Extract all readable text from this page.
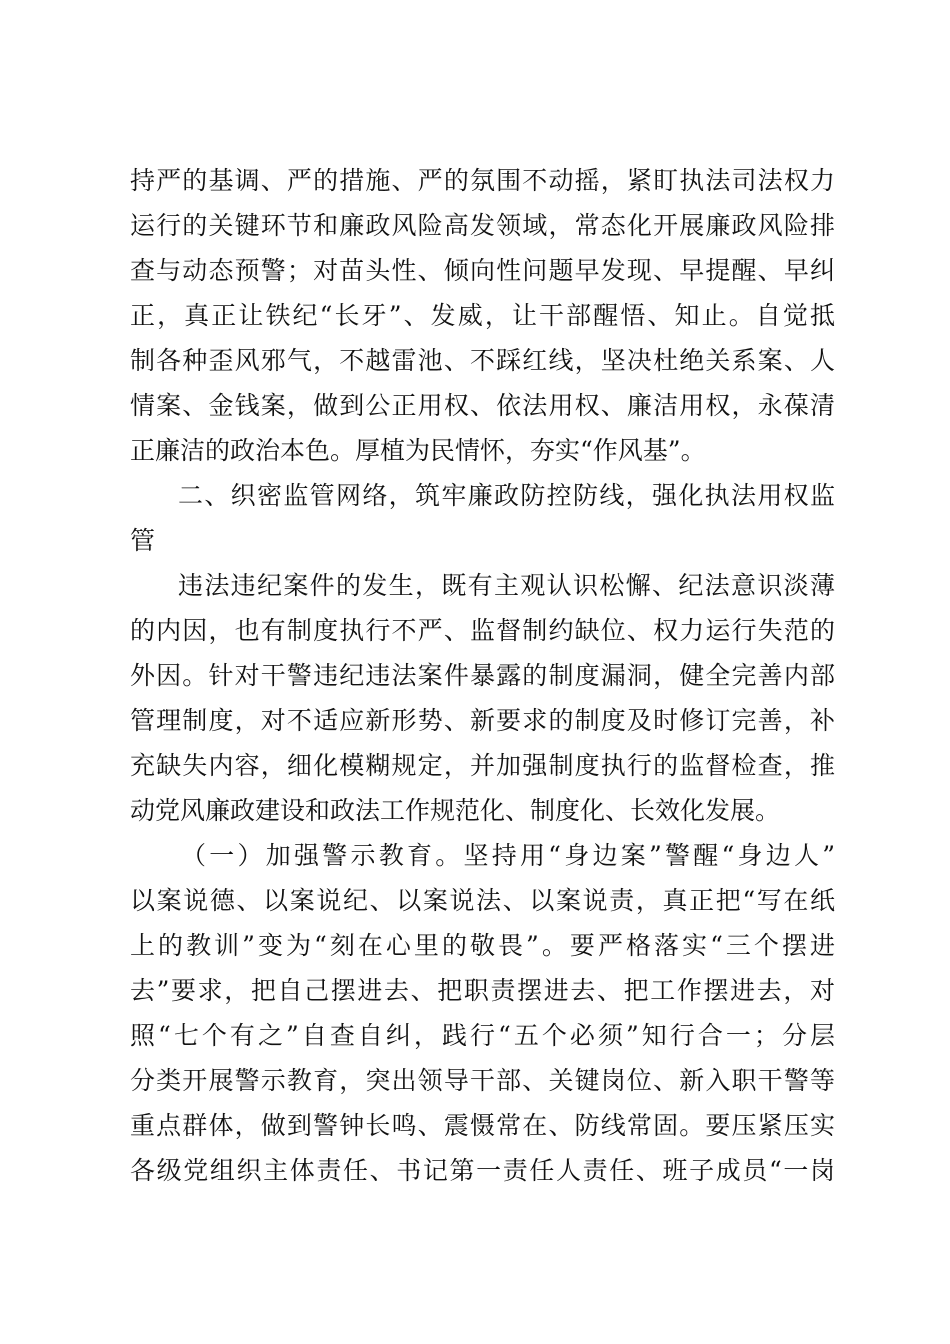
持严的基调、严的措施、严的氛围不动摇，紧盯执法司法权力
运行的关键环节和廉政风险高发领域，常态化开展廉政风险排
查与动态预警；对苗头性、倾向性问题早发现、早提醒、早纠
正，真正让铁纪“长牙”、发威，让干部醒悟、知止。自觉抵
制各种歪风邪气，不越雷池、不踩红线，坚决杜绝关系案、人
情案、金钱案，做到公正用权、依法用权、廉洁用权，永葆清
正廉洁的政治本色。厚植为民情怀，夯实“作风基”。
二、织密监管网络，筑牢廉政防控防线，强化执法用权监
管
违法违纪案件的发生，既有主观认识松懈、纪法意识淡薄
的内因，也有制度执行不严、监督制约缺位、权力运行失范的
外因。针对干警违纪违法案件暴露的制度漏洞，健全完善内部
管理制度，对不适应新形势、新要求的制度及时修订完善，补
充缺失内容，细化模糊规定，并加强制度执行的监督检查，推
动党风廉政建设和政法工作规范化、制度化、长效化发展。
（一）加强警示教育。坚持用“身边案”警醒“身边人”
以案说德、以案说纪、以案说法、以案说责，真正把“写在纸
上的教训”变为“刻在心里的敬畏”。要严格落实“三个摆进
去”要求，把自己摆进去、把职责摆进去、把工作摆进去，对
照“七个有之”自查自纠，践行“五个必须”知行合一；分层
分类开展警示教育，突出领导干部、关键岗位、新入职干警等
重点群体，做到警钟长鸣、震慑常在、防线常固。要压紧压实
各级党组织主体责任、书记第一责任人责任、班子成员“一岗
